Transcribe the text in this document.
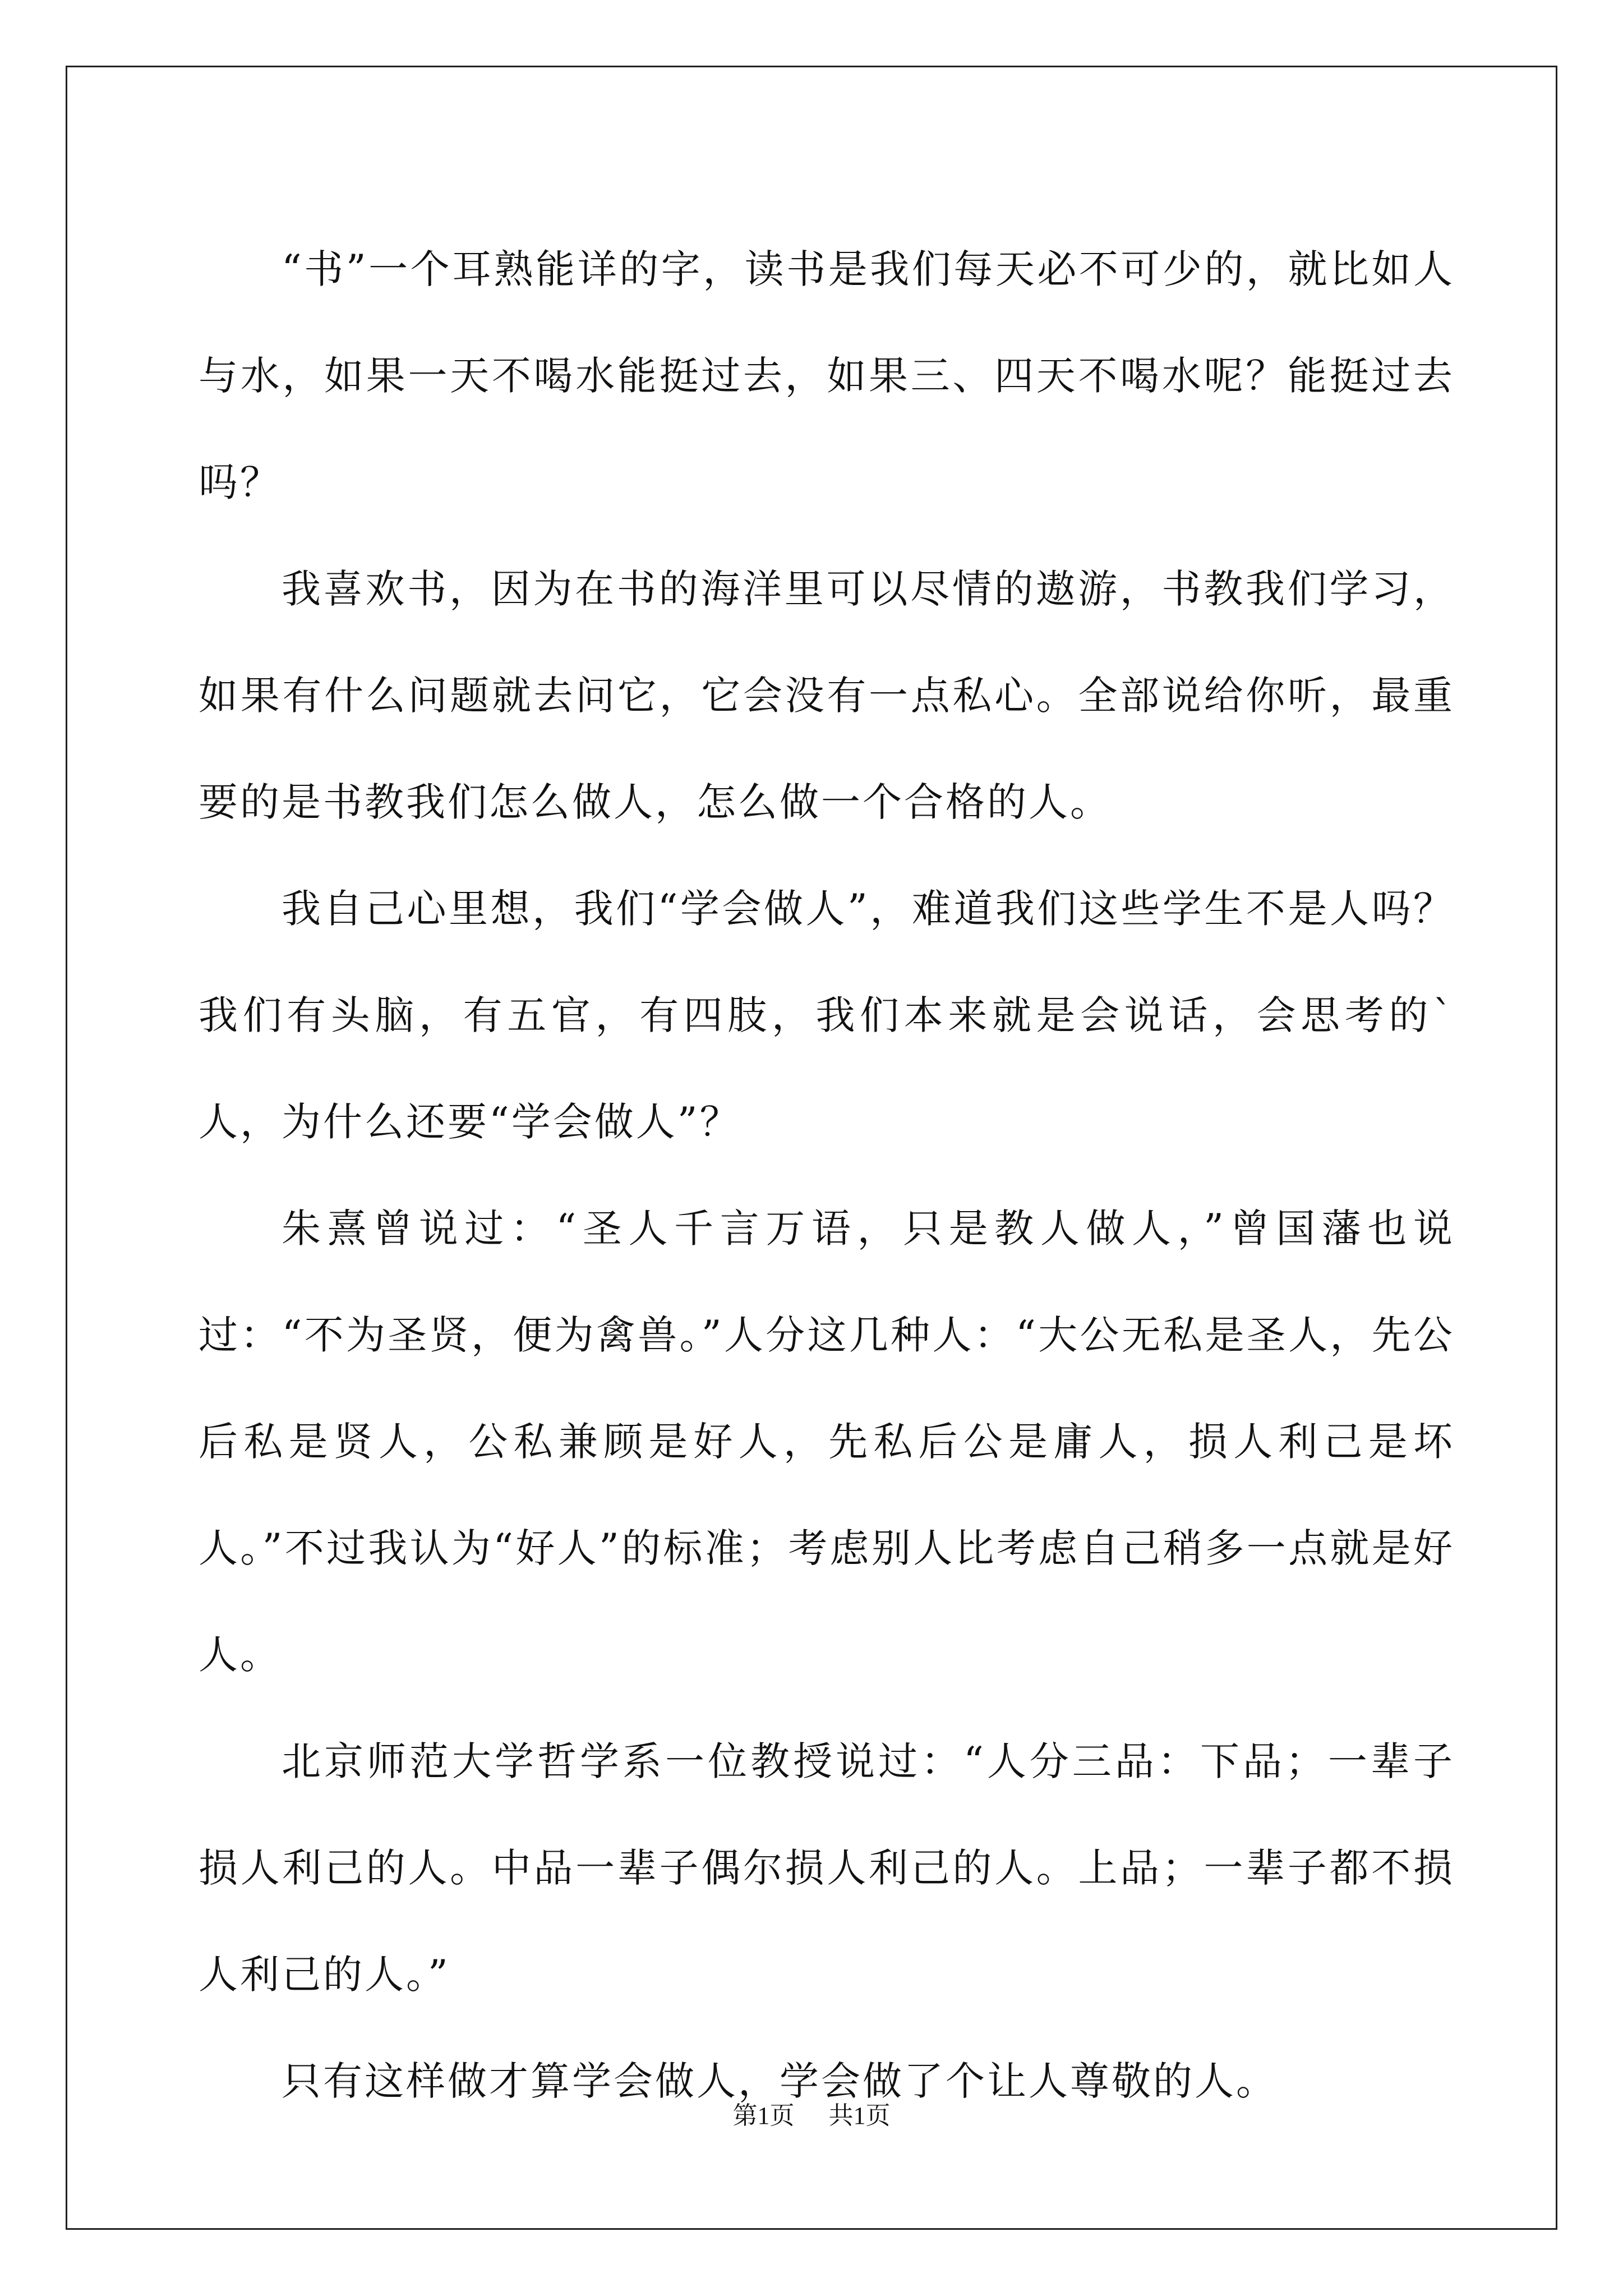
“书”一个耳熟能详的字，读书是我们每天必不可少的，就比如人与水，如果一天不喝水能挺过去，如果三、四天不喝水呢？能挺过去吗？

我喜欢书，因为在书的海洋里可以尽情的遨游，书教我们学习，如果有什么问题就去问它，它会没有一点私心。全部说给你听，最重要的是书教我们怎么做人，怎么做一个合格的人。

我自己心里想，我们“学会做人”，难道我们这些学生不是人吗？我们有头脑，有五官，有四肢，我们本来就是会说话，会思考的`人，为什么还要“学会做人”？

朱熹曾说过：“圣人千言万语，只是教人做人，”曾国藩也说过：“不为圣贤，便为禽兽。”人分这几种人：“大公无私是圣人，先公后私是贤人，公私兼顾是好人，先私后公是庸人，损人利己是坏人。”不过我认为“好人”的标准；考虑别人比考虑自己稍多一点就是好人。

北京师范大学哲学系一位教授说过：“人分三品：下品；一辈子损人利己的人。中品一辈子偶尔损人利己的人。上品；一辈子都不损人利己的人。”

只有这样做才算学会做人，学会做了个让人尊敬的人。

第1页 共1页
